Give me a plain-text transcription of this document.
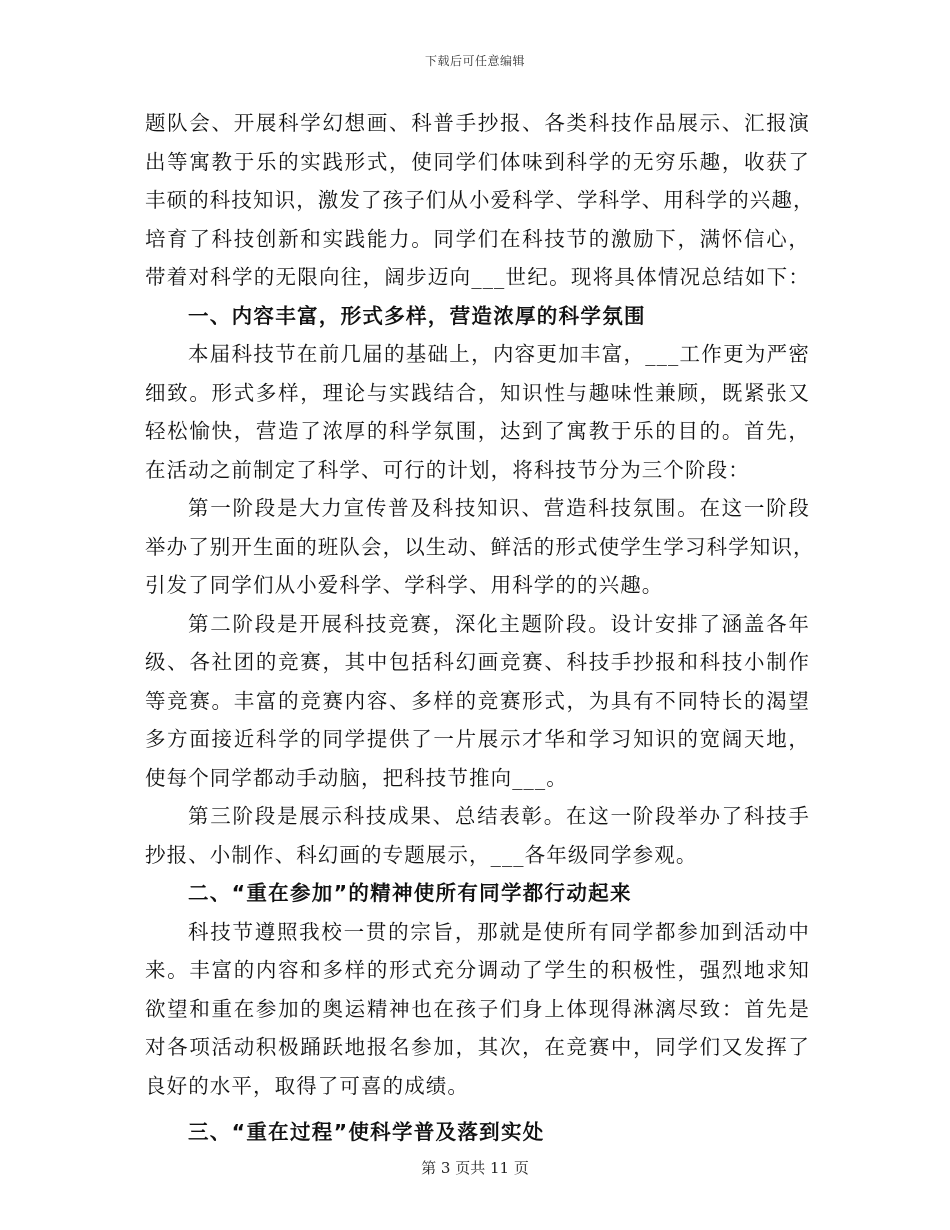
下载后可任意编辑
题队会、开展科学幻想画、科普手抄报、各类科技作品展示、汇报演
出等寓教于乐的实践形式，使同学们体味到科学的无穷乐趣，收获了
丰硕的科技知识，激发了孩子们从小爱科学、学科学、用科学的兴趣，
培育了科技创新和实践能力。同学们在科技节的激励下，满怀信心，
带着对科学的无限向往，阔步迈向___世纪。现将具体情况总结如下：
一、内容丰富，形式多样，营造浓厚的科学氛围
本届科技节在前几届的基础上，内容更加丰富，___工作更为严密
细致。形式多样，理论与实践结合，知识性与趣味性兼顾，既紧张又
轻松愉快，营造了浓厚的科学氛围，达到了寓教于乐的目的。首先，
在活动之前制定了科学、可行的计划，将科技节分为三个阶段：
第一阶段是大力宣传普及科技知识、营造科技氛围。在这一阶段
举办了别开生面的班队会，以生动、鲜活的形式使学生学习科学知识，
引发了同学们从小爱科学、学科学、用科学的的兴趣。
第二阶段是开展科技竞赛，深化主题阶段。设计安排了涵盖各年
级、各社团的竞赛，其中包括科幻画竞赛、科技手抄报和科技小制作
等竞赛。丰富的竞赛内容、多样的竞赛形式，为具有不同特长的渴望
多方面接近科学的同学提供了一片展示才华和学习知识的宽阔天地，
使每个同学都动手动脑，把科技节推向___。
第三阶段是展示科技成果、总结表彰。在这一阶段举办了科技手
抄报、小制作、科幻画的专题展示，___各年级同学参观。
二、“重在参加”的精神使所有同学都行动起来
科技节遵照我校一贯的宗旨，那就是使所有同学都参加到活动中
来。丰富的内容和多样的形式充分调动了学生的积极性，强烈地求知
欲望和重在参加的奥运精神也在孩子们身上体现得淋漓尽致：首先是
对各项活动积极踊跃地报名参加，其次，在竞赛中，同学们又发挥了
良好的水平，取得了可喜的成绩。
三、“重在过程”使科学普及落到实处
第 3 页共 11 页
